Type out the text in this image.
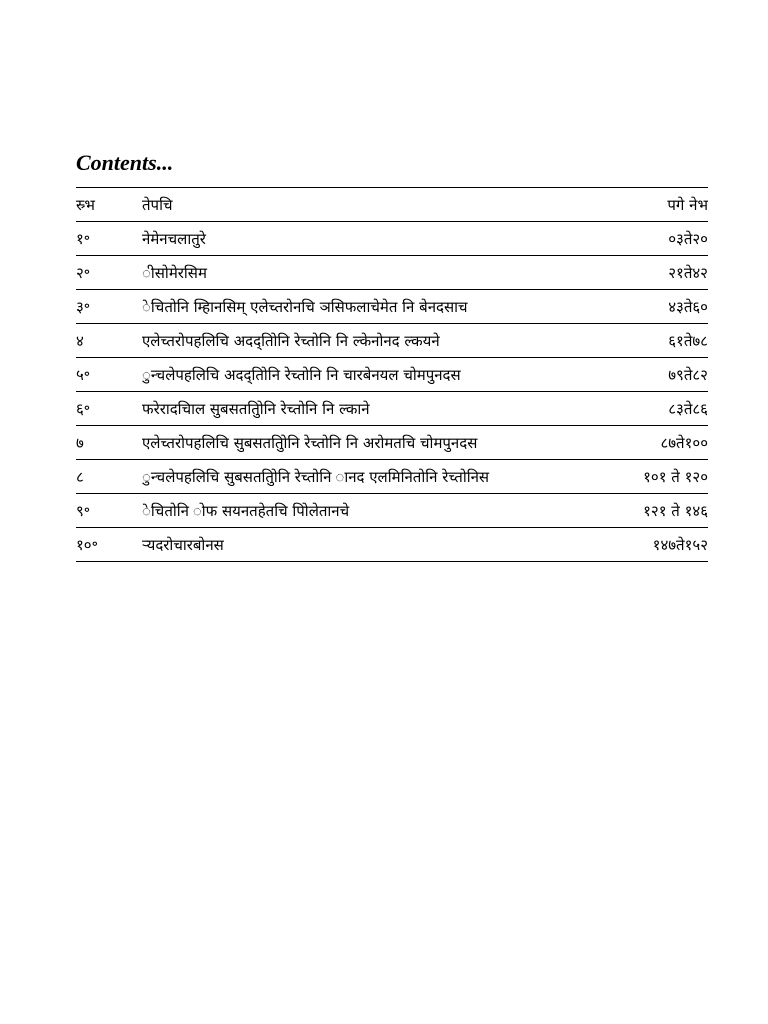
Contents...
स्र्भ	तेपचि	पगे नेभ
१॰	नेमेनचलातुरे	०३ते२०
२॰	ीसोमेरसिम	२१ते४२
३॰	ेचितोनि म्हिानसिम् एलेच्तरोनचि ञसिफलाचेमेत नि बेनदसाच	४३ते६०
४	एलेच्तरोपहलिचि अदद्तोिनि रेच्तोनि नि ल्केनोनद ल्कयने	६१ते७८
५॰	ुन्चलेपहलिचि अदद्तोिनि रेच्तोनि नि चारबेनयल चोमपुनदस	७९ते८२
६॰	फरेरादचिाल सुबसततुिोनि रेच्तोनि नि ल्काने	८३ते८६
७	एलेच्तरोपहलिचि सुबसततुिोनि रेच्तोनि नि अरोमतचि चोमपुनदस	८७ते१००
८	ुन्चलेपहलिचि सुबसततुिोनि रेच्तोनि ानद एलमिनितोनि रेच्तोनिस	१०१ ते १२०
९॰	ेचितोनि ोफ सयनतहेतचि पिोलेतानचे	१२१ ते १४६
१०॰	ऱ्यदरोचारबोनस	१४७ते१५२
